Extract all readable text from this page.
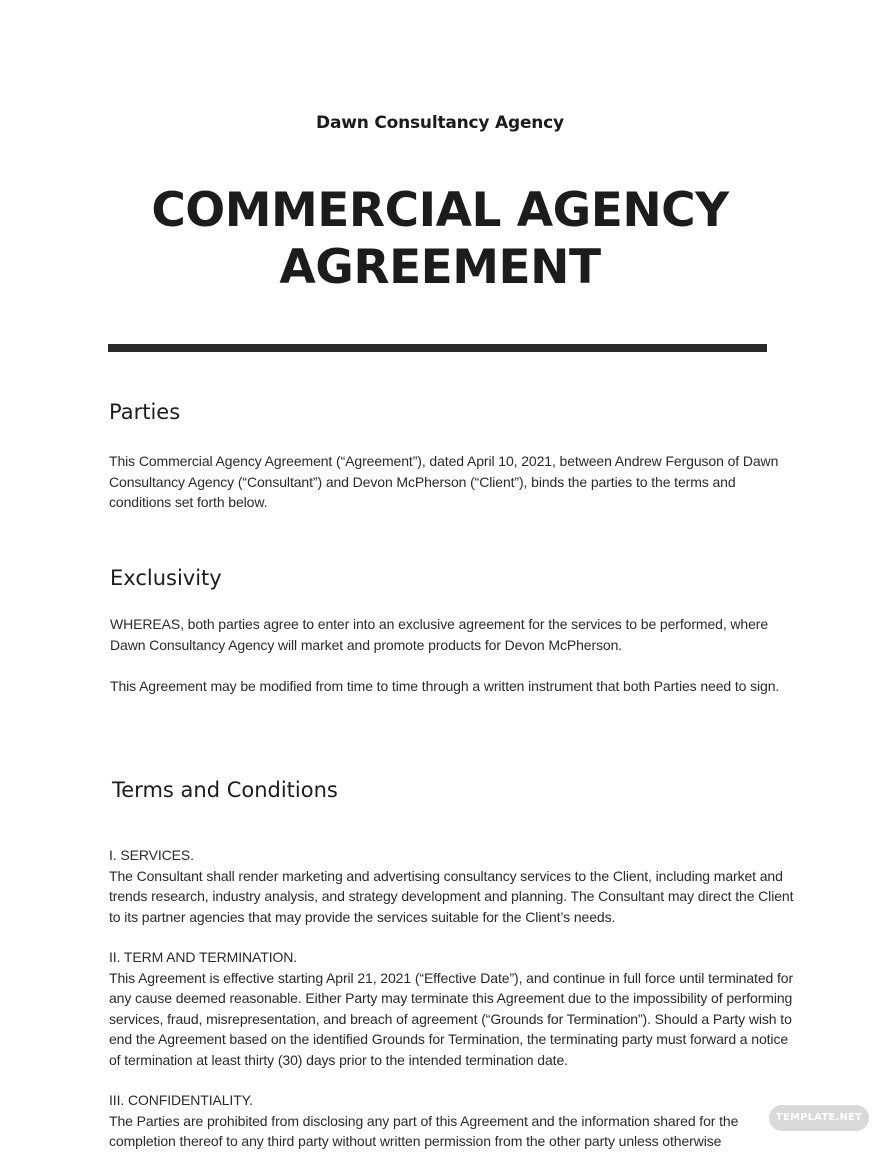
Dawn Consultancy Agency
COMMERCIAL AGENCY
AGREEMENT
Parties

This Commercial Agency Agreement (“Agreement”), dated April 10, 2021, between Andrew Ferguson of Dawn Consultancy Agency (“Consultant”) and Devon McPherson (“Client”), binds the parties to the terms and conditions set forth below.

Exclusivity

WHEREAS, both parties agree to enter into an exclusive agreement for the services to be performed, where Dawn Consultancy Agency will market and promote products for Devon McPherson.

This Agreement may be modified from time to time through a written instrument that both Parties need to sign.

Terms and Conditions

I. SERVICES.
The Consultant shall render marketing and advertising consultancy services to the Client, including market and trends research, industry analysis, and strategy development and planning. The Consultant may direct the Client to its partner agencies that may provide the services suitable for the Client’s needs.

II. TERM AND TERMINATION.
This Agreement is effective starting April 21, 2021 (“Effective Date”), and continue in full force until terminated for any cause deemed reasonable. Either Party may terminate this Agreement due to the impossibility of performing services, fraud, misrepresentation, and breach of agreement (“Grounds for Termination”). Should a Party wish to end the Agreement based on the identified Grounds for Termination, the terminating party must forward a notice of termination at least thirty (30) days prior to the intended termination date.

III. CONFIDENTIALITY.
The Parties are prohibited from disclosing any part of this Agreement and the information shared for the completion thereof to any third party without written permission from the other party unless otherwise

TEMPLATE.NET
